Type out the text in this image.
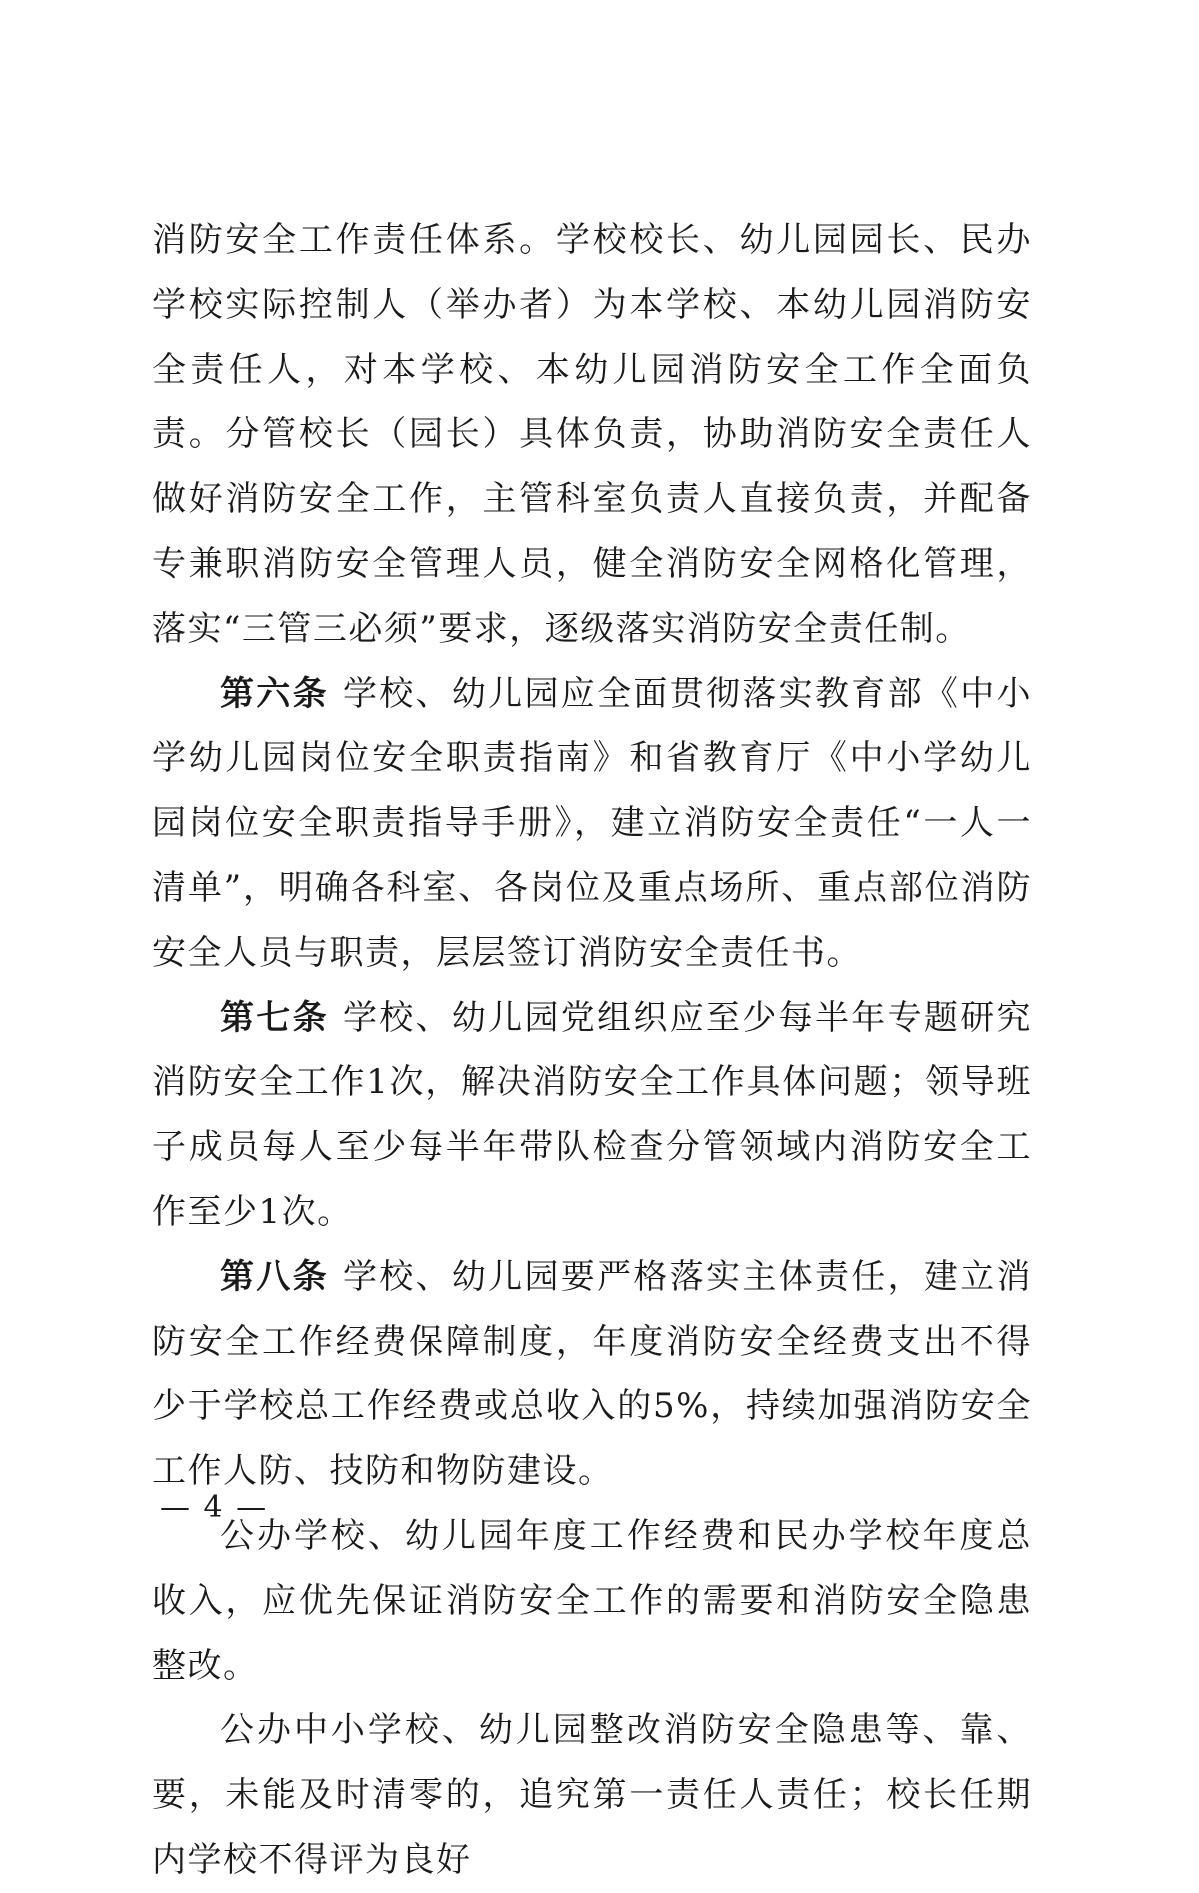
消防安全工作责任体系。学校校长、幼儿园园长、民办学校实际控制人（举办者）为本学校、本幼儿园消防安全责任人，对本学校、本幼儿园消防安全工作全面负责。分管校长（园长）具体负责，协助消防安全责任人做好消防安全工作，主管科室负责人直接负责，并配备专兼职消防安全管理人员，健全消防安全网格化管理，落实“三管三必须”要求，逐级落实消防安全责任制。

第六条 学校、幼儿园应全面贯彻落实教育部《中小学幼儿园岗位安全职责指南》和省教育厅《中小学幼儿园岗位安全职责指导手册》，建立消防安全责任“一人一清单”，明确各科室、各岗位及重点场所、重点部位消防安全人员与职责，层层签订消防安全责任书。

第七条 学校、幼儿园党组织应至少每半年专题研究消防安全工作1次，解决消防安全工作具体问题；领导班子成员每人至少每半年带队检查分管领域内消防安全工作至少1次。

第八条 学校、幼儿园要严格落实主体责任，建立消防安全工作经费保障制度，年度消防安全经费支出不得少于学校总工作经费或总收入的5%，持续加强消防安全工作人防、技防和物防建设。

公办学校、幼儿园年度工作经费和民办学校年度总收入，应优先保证消防安全工作的需要和消防安全隐患整改。

公办中小学校、幼儿园整改消防安全隐患等、靠、要，未能及时清零的，追究第一责任人责任；校长任期内学校不得评为良好

— 4 —
